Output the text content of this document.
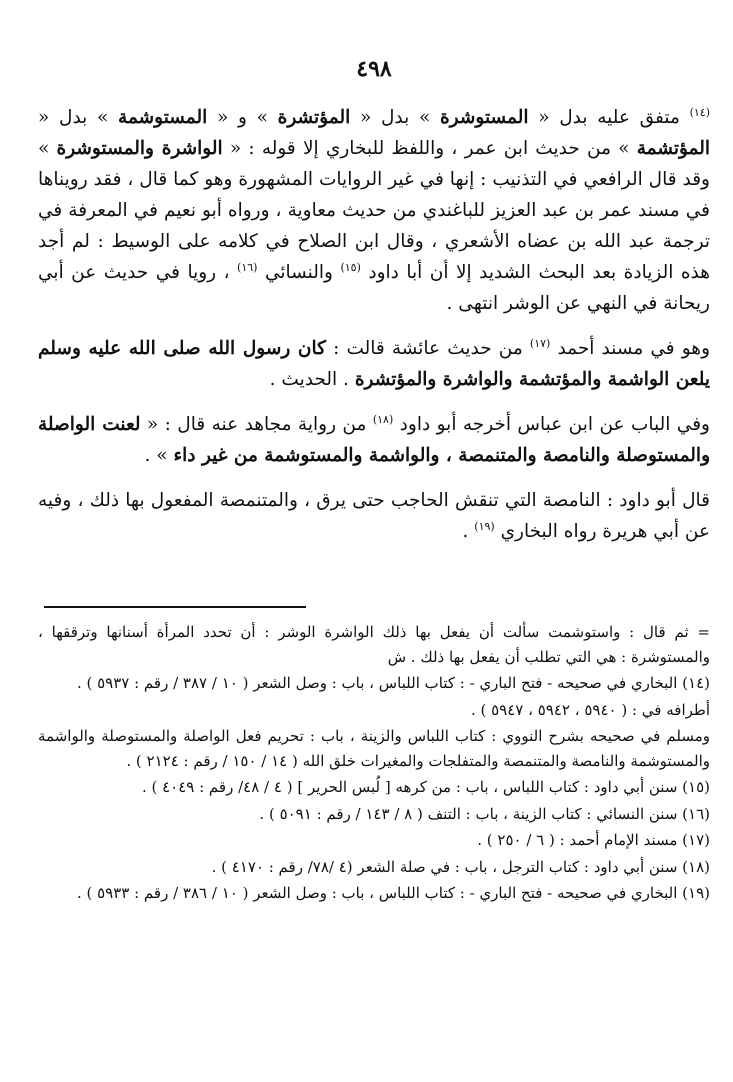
٤٩٨

$^{(١٤)}$ متفق عليه بدل « المستوشرة » بدل « المؤتشرة » و « المستوشمة » بدل « المؤتشمة » من حديث ابن عمر ، واللفظ للبخاري إلا قوله : « الواشرة والمستوشرة » وقد قال الرافعي في التذنيب : إنها في غير الروايات المشهورة وهو كما قال ، فقد رويناها في مسند عمر بن عبد العزيز للباغندي من حديث معاوية ، ورواه أبو نعيم في المعرفة في ترجمة عبد الله بن عضاه الأشعري ، وقال ابن الصلاح في كلامه على الوسيط : لم أجد هذه الزيادة بعد البحث الشديد إلا أن أبا داود $^{(١٥)}$ والنسائي $^{(١٦)}$ ، رويا في حديث عن أبي ريحانة في النهي عن الوشر انتهى .

وهو في مسند أحمد $^{(١٧)}$ من حديث عائشة قالت : كان رسول الله صلى الله عليه وسلم يلعن الواشمة والمؤتشمة والواشرة والمؤتشرة . الحديث .

وفي الباب عن ابن عباس أخرجه أبو داود $^{(١٨)}$ من رواية مجاهد عنه قال : « لعنت الواصلة والمستوصلة والنامصة والمتنمصة ، والواشمة والمستوشمة من غير داء » .

قال أبو داود : النامصة التي تنقش الحاجب حتى يرق ، والمتنمصة المفعول بها ذلك ، وفيه عن أبي هريرة رواه البخاري $^{(١٩)}$ .

= ثم قال : واستوشمت سألت أن يفعل بها ذلك الواشرة الوشر : أن تحدد المرأة أسنانها وترققها ، والمستوشرة : هي التي تطلب أن يفعل بها ذلك . ش

(١٤) البخاري في صحيحه - فتح الباري - : كتاب اللباس ، باب : وصل الشعر ( ١٠ / ٣٨٧ / رقم : ٥٩٣٧ ) .

أطرافه في : ( ٥٩٤٠ ، ٥٩٤٢ ، ٥٩٤٧ ) .

ومسلم في صحيحه بشرح النووي : كتاب اللباس والزينة ، باب : تحريم فعل الواصلة والمستوصلة والواشمة والمستوشمة والنامصة والمتنمصة والمتفلجات والمغيرات خلق الله ( ١٤ / ١٥٠ / رقم : ٢١٢٤ ) .

(١٥) سنن أبي داود : كتاب اللباس ، باب : من كرهه [ لُبس الحرير ] ( ٤ / ٤٨/ رقم : ٤٠٤٩ ) .

(١٦) سنن النسائي : كتاب الزينة ، باب : التنف ( ٨ / ١٤٣ / رقم : ٥٠٩١ ) .

(١٧) مسند الإمام أحمد : ( ٦ / ٢٥٠ ) .

(١٨) سنن أبي داود : كتاب الترجل ، باب : في صلة الشعر (٤ /٧٨/ رقم : ٤١٧٠ ) .

(١٩) البخاري في صحيحه - فتح الباري - : كتاب اللباس ، باب : وصل الشعر ( ١٠ / ٣٨٦ / رقم : ٥٩٣٣ ) .
